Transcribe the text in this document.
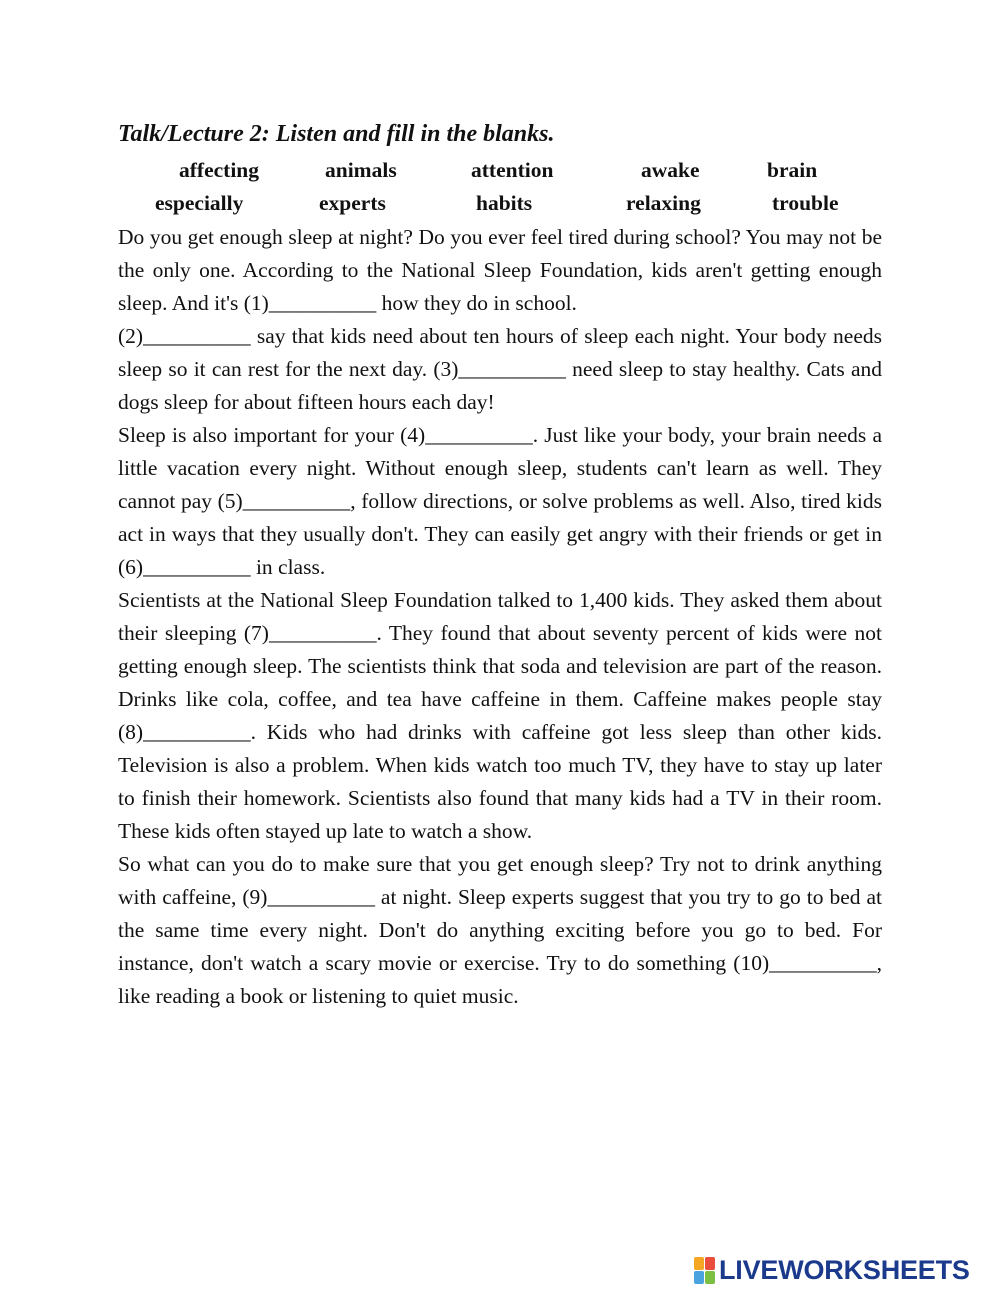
Talk/Lecture 2: Listen and fill in the blanks.
affecting	animals	attention	awake	brain
especially	experts	habits	relaxing	trouble

Do you get enough sleep at night? Do you ever feel tired during school? You may not be the only one. According to the National Sleep Foundation, kids aren't getting enough sleep. And it's (1)__________ how they do in school.

(2)__________ say that kids need about ten hours of sleep each night. Your body needs sleep so it can rest for the next day. (3)__________ need sleep to stay healthy. Cats and dogs sleep for about fifteen hours each day!

Sleep is also important for your (4)__________. Just like your body, your brain needs a little vacation every night. Without enough sleep, students can't learn as well. They cannot pay (5)__________, follow directions, or solve problems as well. Also, tired kids act in ways that they usually don't. They can easily get angry with their friends or get in (6)__________ in class.

Scientists at the National Sleep Foundation talked to 1,400 kids. They asked them about their sleeping (7)__________. They found that about seventy percent of kids were not getting enough sleep. The scientists think that soda and television are part of the reason. Drinks like cola, coffee, and tea have caffeine in them. Caffeine makes people stay (8)__________. Kids who had drinks with caffeine got less sleep than other kids. Television is also a problem. When kids watch too much TV, they have to stay up later to finish their homework. Scientists also found that many kids had a TV in their room. These kids often stayed up late to watch a show.

So what can you do to make sure that you get enough sleep? Try not to drink anything with caffeine, (9)__________ at night. Sleep experts suggest that you try to go to bed at the same time every night. Don't do anything exciting before you go to bed. For instance, don't watch a scary movie or exercise. Try to do something (10)__________, like reading a book or listening to quiet music.

LIVEWORKSHEETS
